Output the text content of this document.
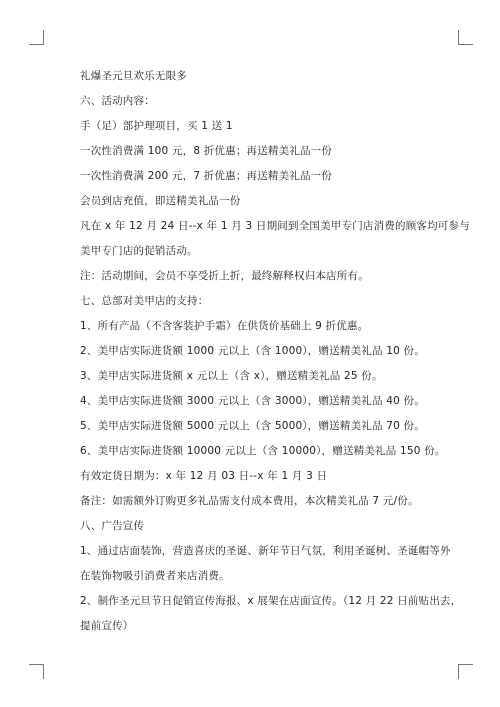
礼爆圣元旦欢乐无限多
六、活动内容：
手（足）部护理项目，买 1 送 1
一次性消费满 100 元，8 折优惠；再送精美礼品一份
一次性消费满 200 元，7 折优惠；再送精美礼品一份
会员到店充值，即送精美礼品一份
凡在 x 年 12 月 24 日--x 年 1 月 3 日期间到全国美甲专门店消费的顾客均可参与
美甲专门店的促销活动。
注：活动期间，会员不享受折上折，最终解释权归本店所有。
七、总部对美甲店的支持：
1、所有产品（不含客装护手霜）在供货价基础上 9 折优惠。
2、美甲店实际进货额 1000 元以上（含 1000），赠送精美礼品 10 份。
3、美甲店实际进货额 x 元以上（含 x），赠送精美礼品 25 份。
4、美甲店实际进货额 3000 元以上（含 3000），赠送精美礼品 40 份。
5、美甲店实际进货额 5000 元以上（含 5000），赠送精美礼品 70 份。
6、美甲店实际进货额 10000 元以上（含 10000），赠送精美礼品 150 份。
有效定货日期为：x 年 12 月 03 日--x 年 1 月 3 日
备注：如需额外订购更多礼品需支付成本费用，本次精美礼品 7 元/份。
八、广告宣传
1、通过店面装饰，营造喜庆的圣诞、新年节日气氛，利用圣诞树、圣诞帽等外
在装饰物吸引消费者来店消费。
2、制作圣元旦节日促销宣传海报、x 展架在店面宣传。（12 月 22 日前贴出去，
提前宣传）
